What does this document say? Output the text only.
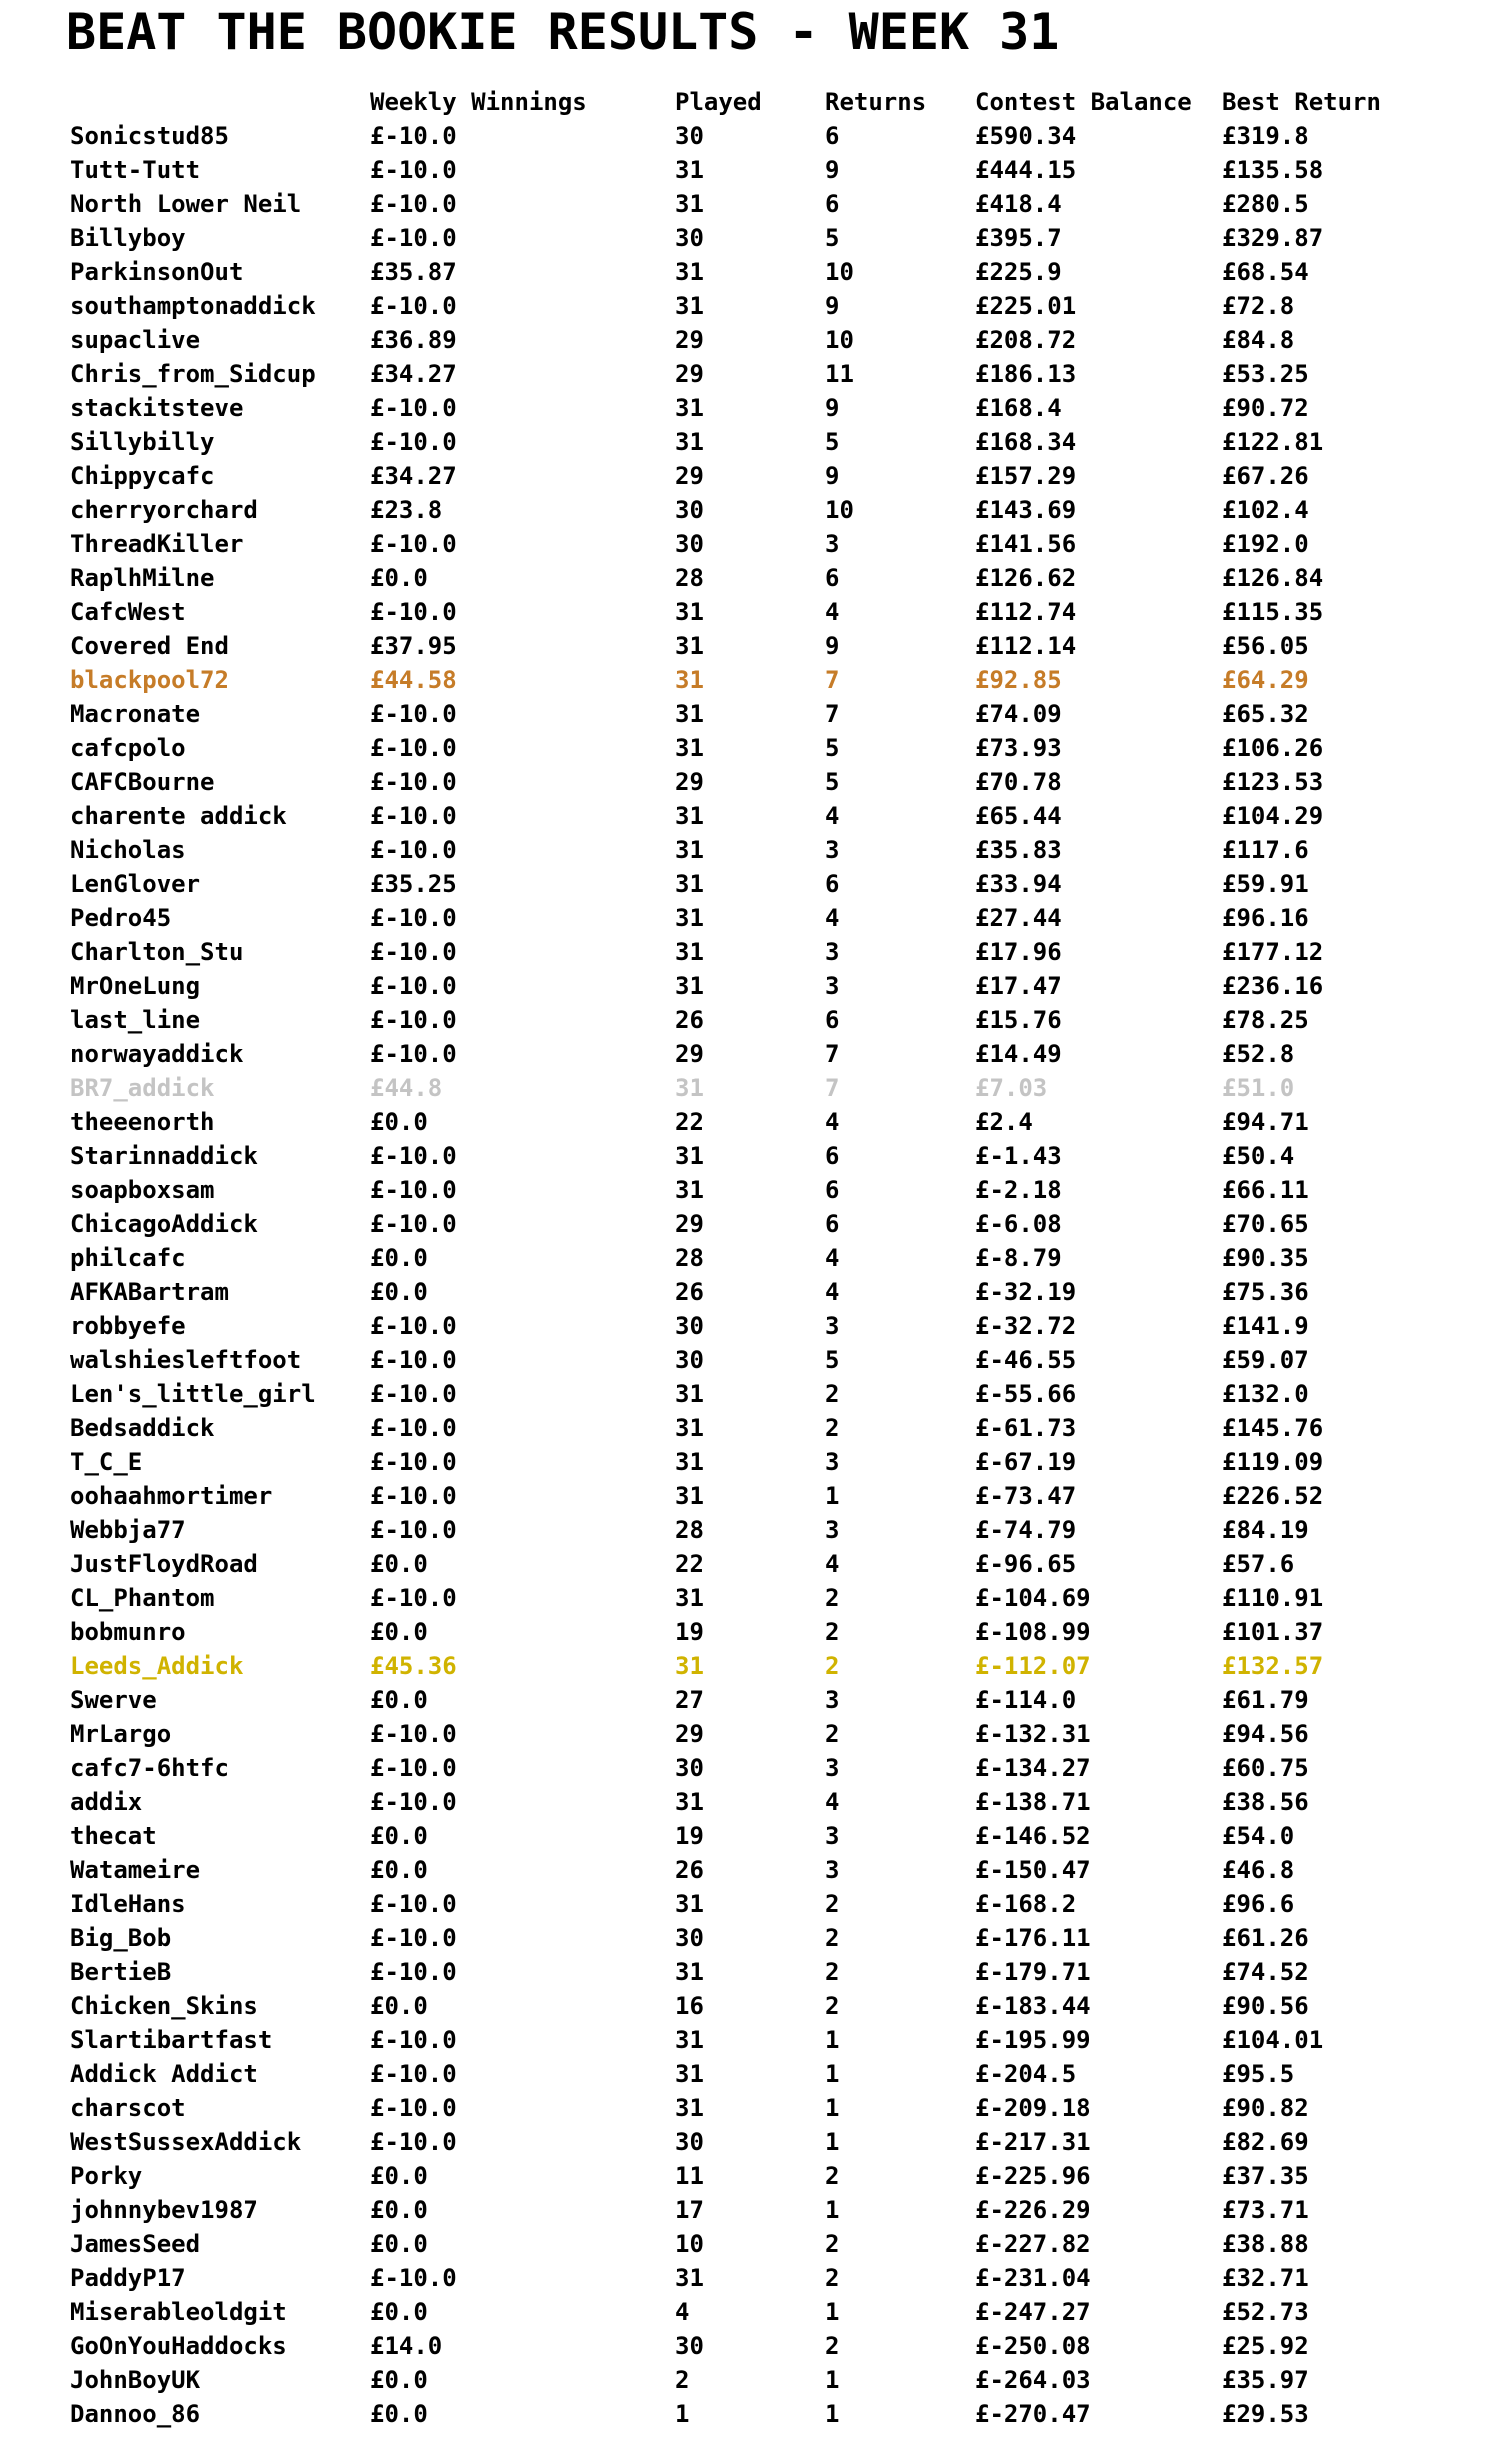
BEAT THE BOOKIE RESULTS - WEEK 31
Weekly Winnings	Played	Returns	Contest Balance	Best Return
Sonicstud85	£-10.0	30	6	£590.34	£319.8
Tutt-Tutt	£-10.0	31	9	£444.15	£135.58
North Lower Neil	£-10.0	31	6	£418.4	£280.5
Billyboy	£-10.0	30	5	£395.7	£329.87
ParkinsonOut	£35.87	31	10	£225.9	£68.54
southamptonaddick	£-10.0	31	9	£225.01	£72.8
supaclive	£36.89	29	10	£208.72	£84.8
Chris_from_Sidcup	£34.27	29	11	£186.13	£53.25
stackitsteve	£-10.0	31	9	£168.4	£90.72
Sillybilly	£-10.0	31	5	£168.34	£122.81
Chippycafc	£34.27	29	9	£157.29	£67.26
cherryorchard	£23.8	30	10	£143.69	£102.4
ThreadKiller	£-10.0	30	3	£141.56	£192.0
RaplhMilne	£0.0	28	6	£126.62	£126.84
CafcWest	£-10.0	31	4	£112.74	£115.35
Covered End	£37.95	31	9	£112.14	£56.05
blackpool72	£44.58	31	7	£92.85	£64.29
Macronate	£-10.0	31	7	£74.09	£65.32
cafcpolo	£-10.0	31	5	£73.93	£106.26
CAFCBourne	£-10.0	29	5	£70.78	£123.53
charente addick	£-10.0	31	4	£65.44	£104.29
Nicholas	£-10.0	31	3	£35.83	£117.6
LenGlover	£35.25	31	6	£33.94	£59.91
Pedro45	£-10.0	31	4	£27.44	£96.16
Charlton_Stu	£-10.0	31	3	£17.96	£177.12
MrOneLung	£-10.0	31	3	£17.47	£236.16
last_line	£-10.0	26	6	£15.76	£78.25
norwayaddick	£-10.0	29	7	£14.49	£52.8
BR7_addick	£44.8	31	7	£7.03	£51.0
theeenorth	£0.0	22	4	£2.4	£94.71
Starinnaddick	£-10.0	31	6	£-1.43	£50.4
soapboxsam	£-10.0	31	6	£-2.18	£66.11
ChicagoAddick	£-10.0	29	6	£-6.08	£70.65
philcafc	£0.0	28	4	£-8.79	£90.35
AFKABartram	£0.0	26	4	£-32.19	£75.36
robbyefe	£-10.0	30	3	£-32.72	£141.9
walshiesleftfoot	£-10.0	30	5	£-46.55	£59.07
Len's_little_girl	£-10.0	31	2	£-55.66	£132.0
Bedsaddick	£-10.0	31	2	£-61.73	£145.76
T_C_E	£-10.0	31	3	£-67.19	£119.09
oohaahmortimer	£-10.0	31	1	£-73.47	£226.52
Webbja77	£-10.0	28	3	£-74.79	£84.19
JustFloydRoad	£0.0	22	4	£-96.65	£57.6
CL_Phantom	£-10.0	31	2	£-104.69	£110.91
bobmunro	£0.0	19	2	£-108.99	£101.37
Leeds_Addick	£45.36	31	2	£-112.07	£132.57
Swerve	£0.0	27	3	£-114.0	£61.79
MrLargo	£-10.0	29	2	£-132.31	£94.56
cafc7-6htfc	£-10.0	30	3	£-134.27	£60.75
addix	£-10.0	31	4	£-138.71	£38.56
thecat	£0.0	19	3	£-146.52	£54.0
Watameire	£0.0	26	3	£-150.47	£46.8
IdleHans	£-10.0	31	2	£-168.2	£96.6
Big_Bob	£-10.0	30	2	£-176.11	£61.26
BertieB	£-10.0	31	2	£-179.71	£74.52
Chicken_Skins	£0.0	16	2	£-183.44	£90.56
Slartibartfast	£-10.0	31	1	£-195.99	£104.01
Addick Addict	£-10.0	31	1	£-204.5	£95.5
charscot	£-10.0	31	1	£-209.18	£90.82
WestSussexAddick	£-10.0	30	1	£-217.31	£82.69
Porky	£0.0	11	2	£-225.96	£37.35
johnnybev1987	£0.0	17	1	£-226.29	£73.71
JamesSeed	£0.0	10	2	£-227.82	£38.88
PaddyP17	£-10.0	31	2	£-231.04	£32.71
Miserableoldgit	£0.0	4	1	£-247.27	£52.73
GoOnYouHaddocks	£14.0	30	2	£-250.08	£25.92
JohnBoyUK	£0.0	2	1	£-264.03	£35.97
Dannoo_86	£0.0	1	1	£-270.47	£29.53
